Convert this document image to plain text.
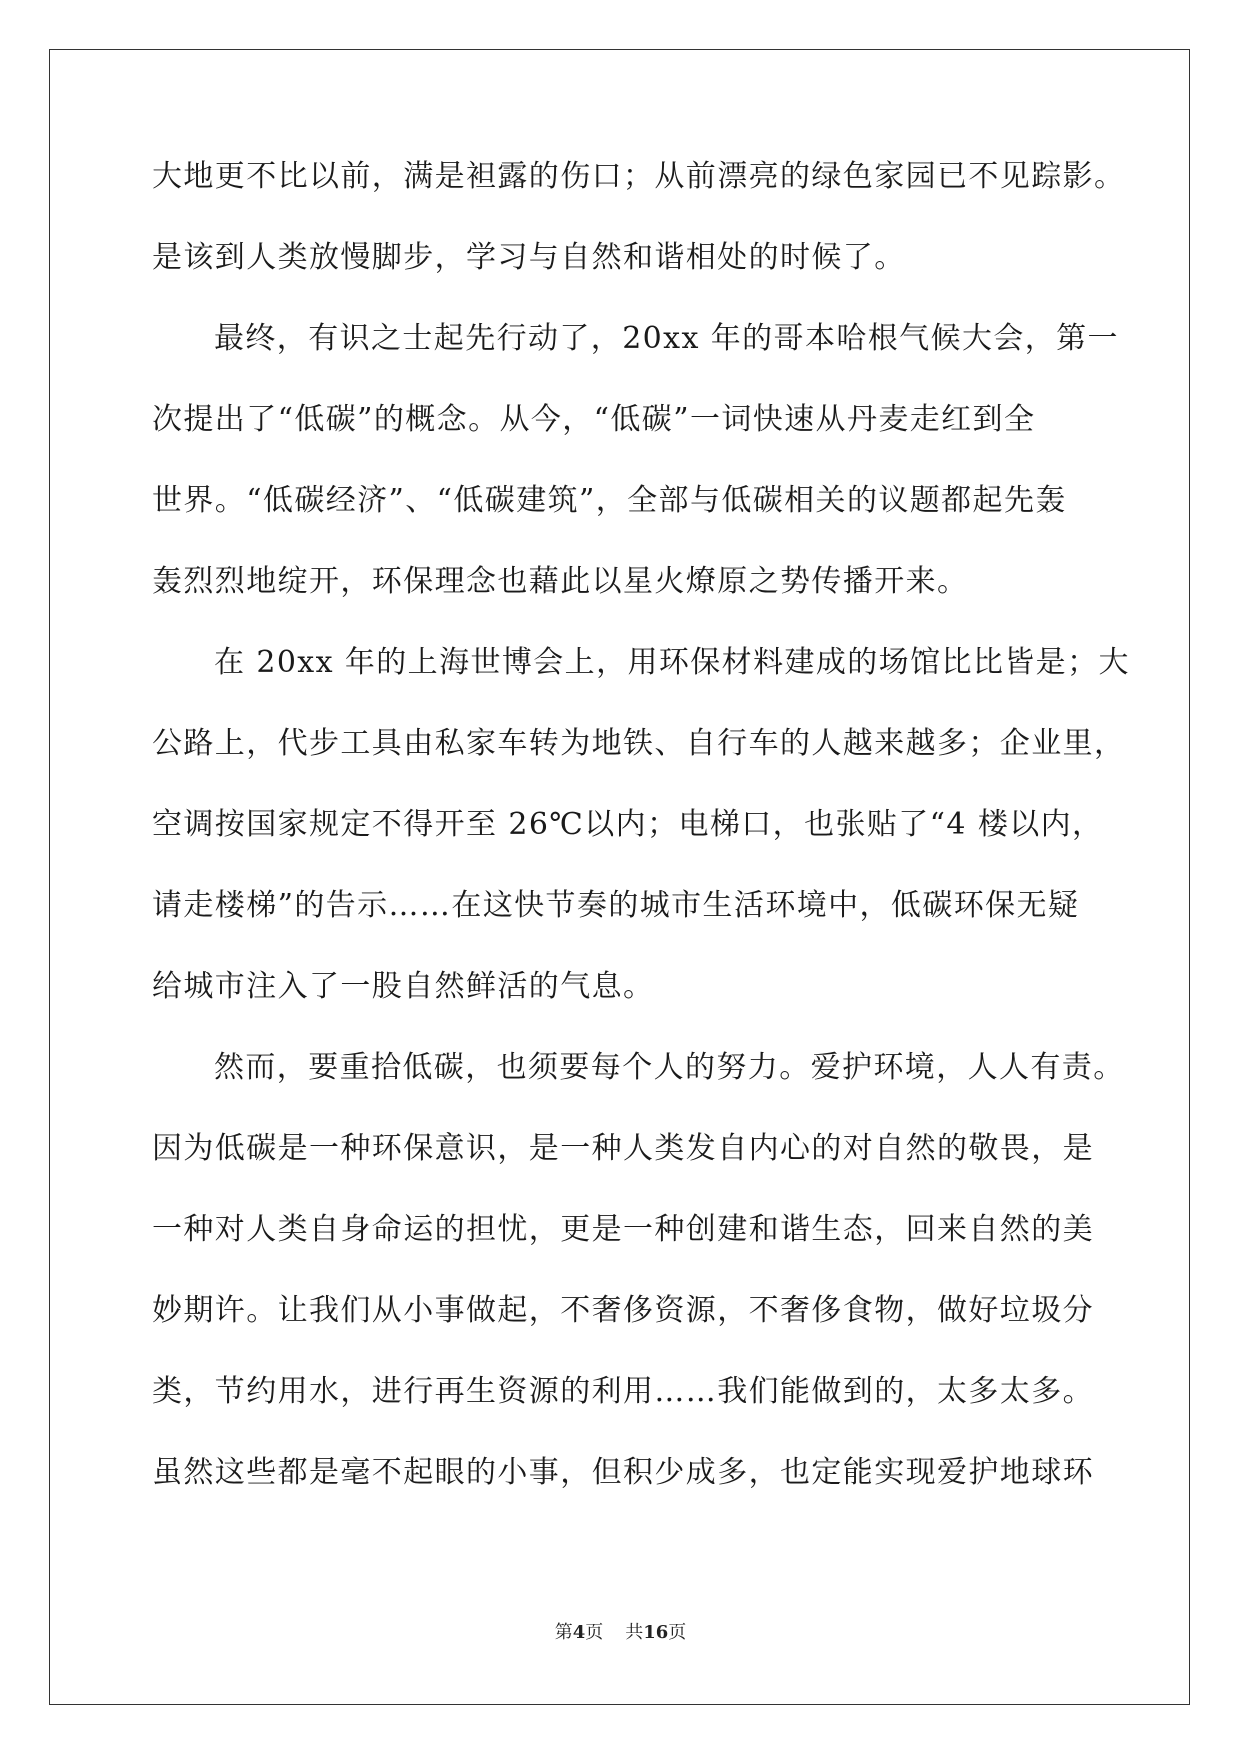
大地更不比以前，满是袒露的伤口；从前漂亮的绿色家园已不见踪影。
是该到人类放慢脚步，学习与自然和谐相处的时候了。
最终，有识之士起先行动了，20xx 年的哥本哈根气候大会，第一
次提出了“低碳”的概念。从今，“低碳”一词快速从丹麦走红到全
世界。“低碳经济”、“低碳建筑”，全部与低碳相关的议题都起先轰
轰烈烈地绽开，环保理念也藉此以星火燎原之势传播开来。
在 20xx 年的上海世博会上，用环保材料建成的场馆比比皆是；大
公路上，代步工具由私家车转为地铁、自行车的人越来越多；企业里，
空调按国家规定不得开至 26℃以内；电梯口，也张贴了“4 楼以内，
请走楼梯”的告示……在这快节奏的城市生活环境中，低碳环保无疑
给城市注入了一股自然鲜活的气息。
然而，要重拾低碳，也须要每个人的努力。爱护环境，人人有责。
因为低碳是一种环保意识，是一种人类发自内心的对自然的敬畏，是
一种对人类自身命运的担忧，更是一种创建和谐生态，回来自然的美
妙期许。让我们从小事做起，不奢侈资源，不奢侈食物，做好垃圾分
类，节约用水，进行再生资源的利用……我们能做到的，太多太多。
虽然这些都是毫不起眼的小事，但积少成多，也定能实现爱护地球环
第4页 共16页
